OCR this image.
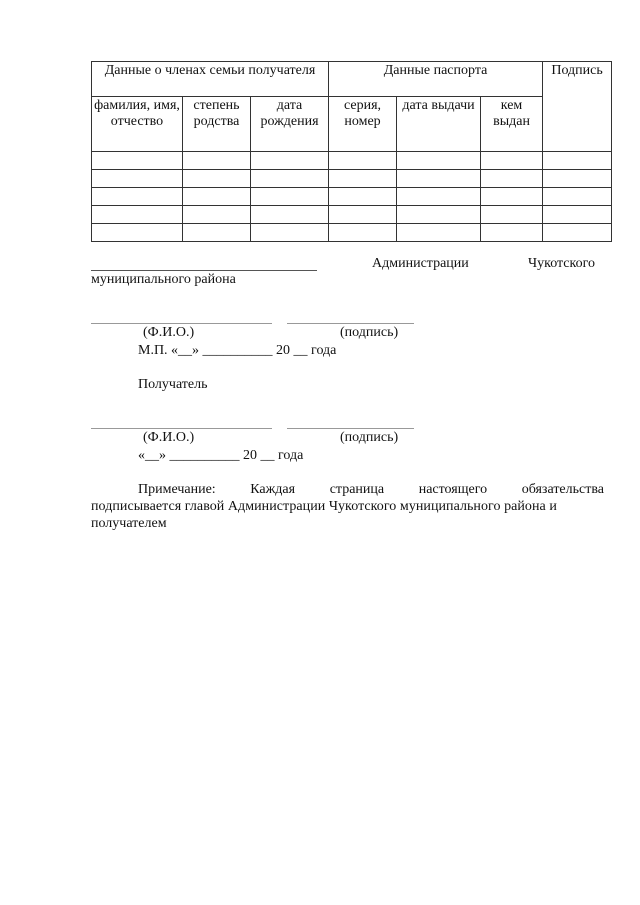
Данные о членах семьи получателя			Данные паспорта			Подпись
фамилия, имя, отчество	степень родства	дата рождения	серия, номер	дата выдачи	кем выдан	

Администрации	Чукотского
муниципального района
(Ф.И.О.)	(подпись)
М.П. «__» __________ 20 __ года
Получатель
(Ф.И.О.)	(подпись)
«__» __________ 20 __ года
Примечание: Каждая страница настоящего обязательства
подписывается главой Администрации Чукотского муниципального района и
получателем
